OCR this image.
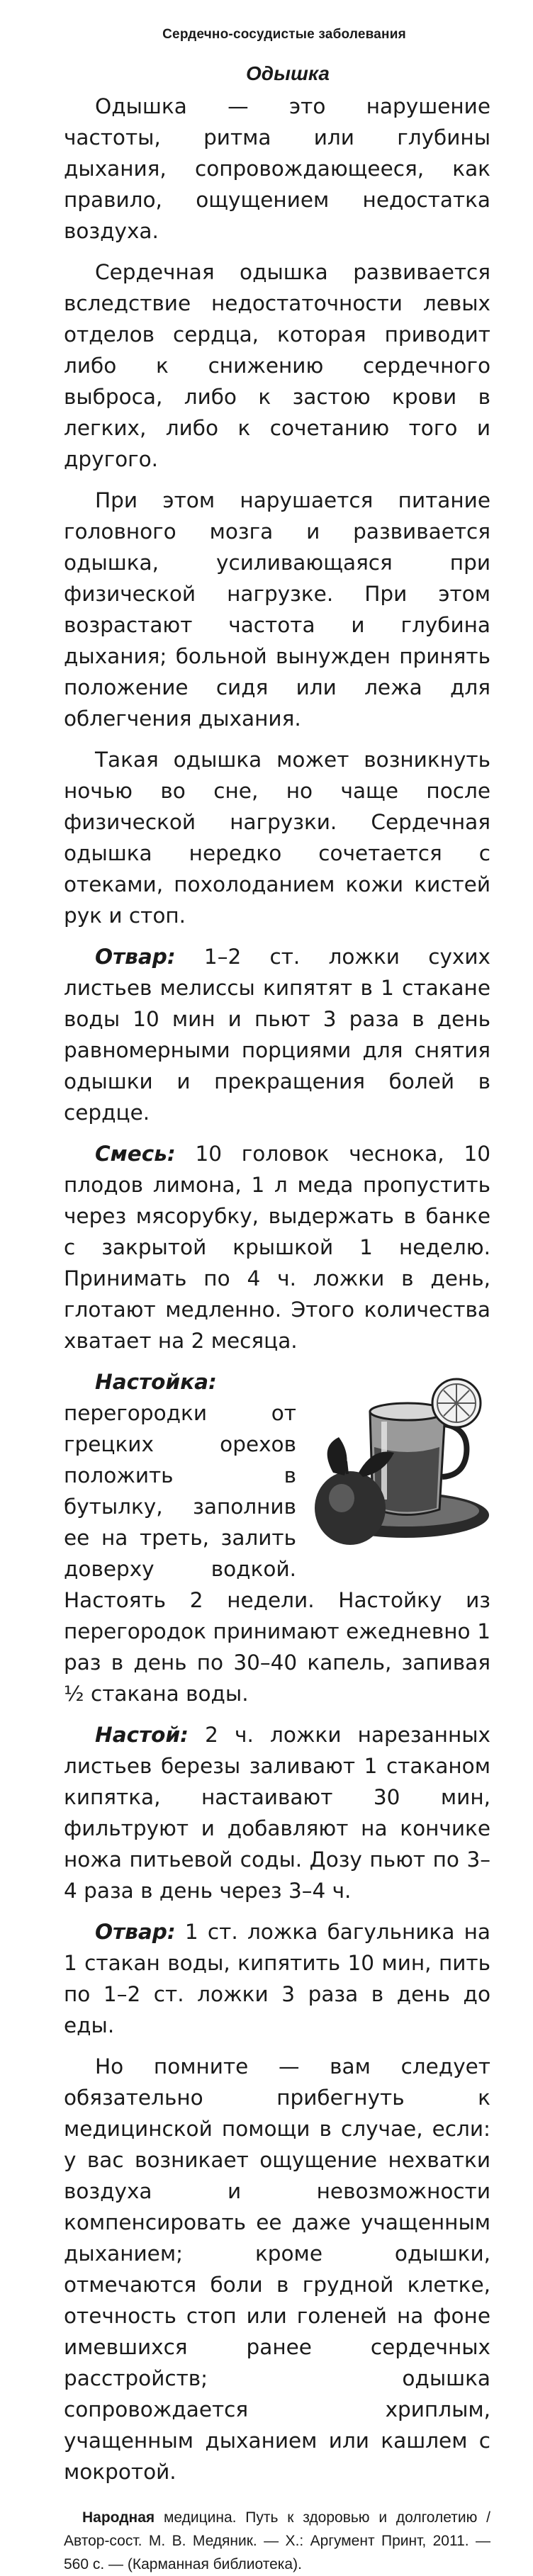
Сердечно-сосудистые заболевания
Одышка

Одышка — это нарушение частоты, ритма или глубины дыхания, сопровождающееся, как правило, ощущением недостатка воздуха.

Сердечная одышка развивается вследствие недостаточности левых отделов сердца, которая приводит либо к снижению сердечного выброса, либо к застою крови в легких, либо к сочетанию того и другого.

При этом нарушается питание головного мозга и развивается одышка, усиливающаяся при физической нагрузке. При этом возрастают частота и глубина дыхания; больной вынужден принять положение сидя или лежа для облегчения дыхания.

Такая одышка может возникнуть ночью во сне, но чаще после физической нагрузки. Сердечная одышка нередко сочетается с отеками, похолоданием кожи кистей рук и стоп.

Отвар: 1–2 ст. ложки сухих листьев мелиссы кипятят в 1 стакане воды 10 мин и пьют 3 раза в день равномерными порциями для снятия одышки и прекращения болей в сердце.

Смесь: 10 головок чеснока, 10 плодов лимона, 1 л меда пропустить через мясорубку, выдержать в банке с закрытой крышкой 1 неделю. Принимать по 4 ч. ложки в день, глотают медленно. Этого количества хватает на 2 месяца.

Настойка: перегородки от грецких орехов положить в бутылку, заполнив ее на треть, залить доверху водкой. Настоять 2 недели. Настойку из перегородок принимают ежедневно 1 раз в день по 30–40 капель, запивая ½ стакана воды.

Настой: 2 ч. ложки нарезанных листьев березы заливают 1 стаканом кипятка, настаивают 30 мин, фильтруют и добавляют на кончике ножа питьевой соды. Дозу пьют по 3–4 раза в день через 3–4 ч.

Отвар: 1 ст. ложка багульника на 1 стакан воды, кипятить 10 мин, пить по 1–2 ст. ложки 3 раза в день до еды.

Но помните — вам следует обязательно прибегнуть к медицинской помощи в случае, если: у вас возникает ощущение нехватки воздуха и невозможности компенсировать ее даже учащенным дыханием; кроме одышки, отмечаются боли в грудной клетке, отечность стоп или голеней на фоне имевшихся ранее сердечных расстройств; одышка сопровождается хриплым, учащенным дыханием или кашлем с мокротой.

Народная медицина. Путь к здоровью и долголетию / Автор-сост. М. В. Медяник. — Х.: Аргумент Принт, 2011. — 560 с. — (Карманная библиотека).
